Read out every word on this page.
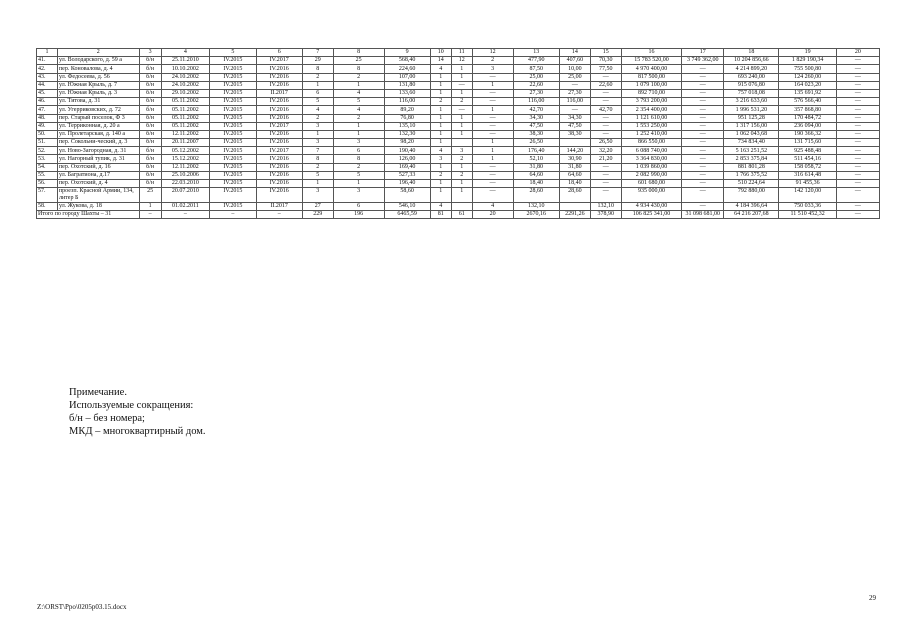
1	2	3	4	5	6	7	8	9	10	11	12	13	14	15	16	17	18	19	20
41.	ул. Володарского, д. 59 а	б/н	25.11.2010	IV.2015	IV.2017	29	25	568,40	14	12	2	477,90	407,60	70,30	15 783 520,00	3 749 362,00	10 204 856,66	1 829 190,34	—
42.	пер. Коновалова, д. 4	б/н	10.10.2002	IV.2015	IV.2016	8	8	224,60	4	1	3	87,50	10,00	77,50	4 970 400,00	—	4 214 899,20	755 500,80	—
43.	ул. Федосеева, д. 56	б/н	24.10.2002	IV.2015	IV.2016	2	2	107,00	1	1	—	25,00	25,00	—	817 500,00	—	693 240,00	124 260,00	—
44.	ул. Южная Крыль, д. 7	б/н	24.10.2002	IV.2015	IV.2016	1	1	131,80	1	—	1	22,60	—	22,60	1 079 100,00	—	915 076,80	164 023,20	—
45.	ул. Южная Крыль, д. 3	б/н	29.10.2002	IV.2015	II.2017	6	4	133,60	1	1	—	27,30	27,30	—	892 710,00	—	757 018,08	135 691,92	—
46.	ул. Титова, д. 31	б/н	05.11.2002	IV.2015	IV.2016	5	5	116,00	2	2	—	116,00	116,00	—	3 793 200,00	—	3 216 633,60	576 566,40	—
47.	ул. Угерриковских, д. 72	б/н	05.11.2002	IV.2015	IV.2016	4	4	89,20	1	—	1	42,70	—	42,70	2 354 400,00	—	1 996 531,20	357 868,80	—
48.	пер. Старый поселок, Ф 3	б/н	05.11.2002	IV.2015	IV.2016	2	2	76,80	1	1	—	34,30	34,30	—	1 121 610,00	—	951 125,28	170 484,72	—
49.	ул. Терриконная, д. 20 а	б/н	05.11.2002	IV.2015	IV.2017	3	1	135,10	1	1	—	47,50	47,50	—	1 553 250,00	—	1 317 156,00	236 094,00	—
50.	ул. Пролетарская, д. 140 а	б/н	12.11.2002	IV.2015	IV.2016	1	1	132,30	1	1	—	38,30	38,30	—	1 252 410,00	—	1 062 043,68	190 366,32	—
51.	пер. Сокольни-ческий, д. 3	б/н	20.11.2007	IV.2015	IV.2016	3	3	98,20	1		1	26,50		26,50	866 550,00	—	734 834,40	131 715,60	—
52.	ул. Ново-Загородная, д. 31	б/н	05.12.2002	IV.2015	IV.2017	7	6	190,40	4	3	1	176,40	144,20	32,20	6 088 740,00	—	5 163 251,52	925 488,48	—
53.	ул. Нагорный тупик, д. 31	б/н	15.12.2002	IV.2015	IV.2016	8	8	126,00	3	2	1	52,10	30,90	21,20	3 364 830,00	—	2 853 375,84	511 454,16	—
54.	пер. Охотский, д. 16	б/н	12.11.2002	IV.2015	IV.2016	2	2	169,40	1	1	—	31,80	31,80	—	1 039 860,00	—	881 801,28	158 058,72	—
55.	ул. Багратиона, д.17	б/н	25.10.2006	IV.2015	IV.2016	5	5	527,33	2	2	—	64,60	64,60	—	2 082 990,00	—	1 766 375,52	316 614,48	—
56.	пер. Охотский, д. 4	б/н	22.03.2010	IV.2015	IV.2016	1	1	196,40	1	1	—	18,40	18,40	—	601 680,00	—	510 224,64	91 455,36	—
57.	проезп. Красной Армии, 134, литер Б	25	20.07.2010	IV.2015	IV.2016	3	3	58,60	1	1	—	28,60	28,60	—	935 000,00	—	792 880,00	142 120,00	—
58.	ул. Жукова, д. 18	1	01.02.2011	IV.2015	II.2017	27	6	546,10	4		4	132,10		132,10	4 934 430,00	—	4 184 396,64	750 033,36	—
Итого по городу Шахты – 31		–	–	–	–	229	196	6465,59	81	61	20	2670,16	2291,26	378,90	106 825 341,00	31 098 681,00	64 216 207,68	11 510 452,32	—
Примечание.
Используемые сокращения:
б/н – без номера;
МКД – многоквартирный дом.
29
Z:\ORST\Ppo\0205p03.15.docx
